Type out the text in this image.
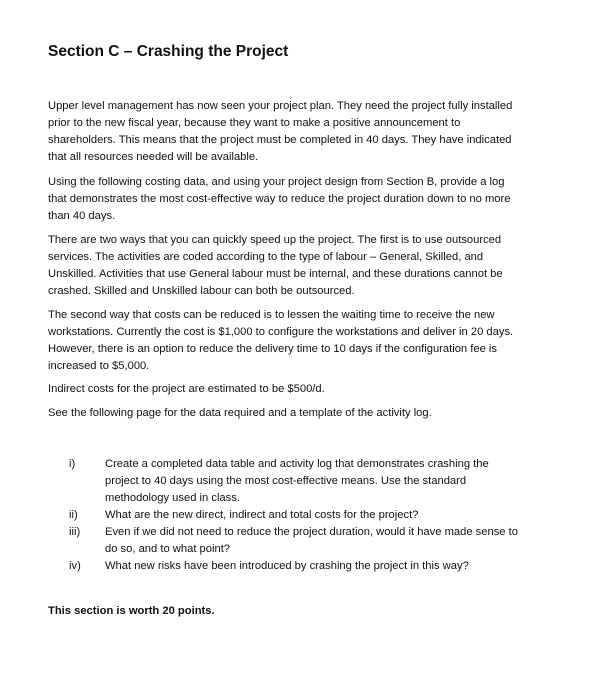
Section C – Crashing the Project
Upper level management has now seen your project plan. They need the project fully installed
prior to the new fiscal year, because they want to make a positive announcement to
shareholders. This means that the project must be completed in 40 days. They have indicated
that all resources needed will be available.
Using the following costing data, and using your project design from Section B, provide a log
that demonstrates the most cost-effective way to reduce the project duration down to no more
than 40 days.
There are two ways that you can quickly speed up the project. The first is to use outsourced
services. The activities are coded according to the type of labour – General, Skilled, and
Unskilled. Activities that use General labour must be internal, and these durations cannot be
crashed. Skilled and Unskilled labour can both be outsourced.
The second way that costs can be reduced is to lessen the waiting time to receive the new
workstations. Currently the cost is $1,000 to configure the workstations and deliver in 20 days.
However, there is an option to reduce the delivery time to 10 days if the configuration fee is
increased to $5,000.
Indirect costs for the project are estimated to be $500/d.
See the following page for the data required and a template of the activity log.
i)	Create a completed data table and activity log that demonstrates crashing the
project to 40 days using the most cost-effective means. Use the standard
methodology used in class.
ii) What are the new direct, indirect and total costs for the project?
iii) Even if we did not need to reduce the project duration, would it have made sense to
do so, and to what point?
iv) What new risks have been introduced by crashing the project in this way?
This section is worth 20 points.
